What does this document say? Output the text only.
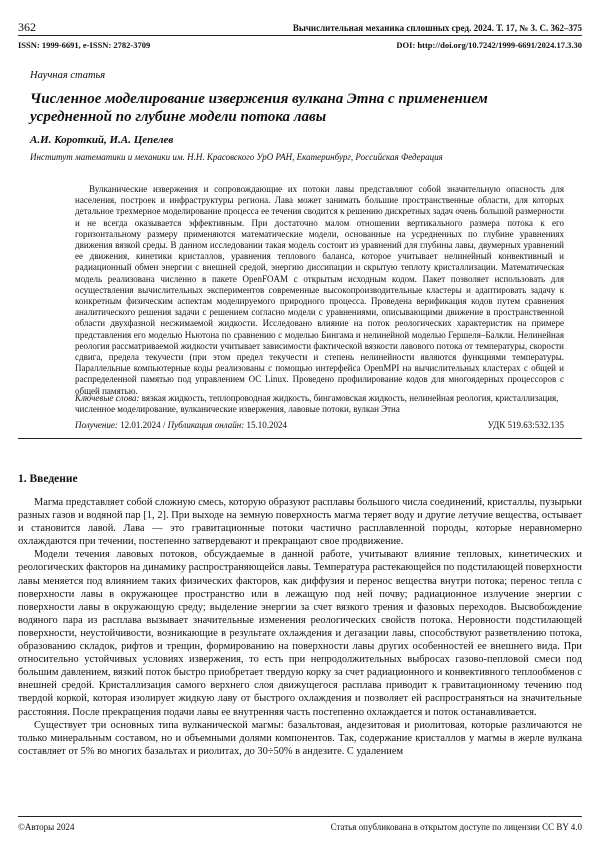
362	Вычислительная механика сплошных сред. 2024. Т. 17, № 3. С. 362–375
ISSN: 1999-6691, e-ISSN: 2782-3709	DOI: http://doi.org/10.7242/1999-6691/2024.17.3.30
Научная статья
Численное моделирование извержения вулкана Этна с применением усредненной по глубине модели потока лавы
А.И. Короткий, И.А. Цепелев
Институт математики и механики им. Н.Н. Красовского УрО РАН, Екатеринбург, Российская Федерация

Вулканические извержения и сопровождающие их потоки лавы представляют собой значительную опасность для населения, построек и инфраструктуры региона. Лава может занимать большие пространственные области, для которых детальное трехмерное моделирование процесса ее течения сводится к решению дискретных задач очень большой размерности и не всегда оказывается эффективным. При достаточно малом отношении вертикального размера потока к его горизонтальному размеру применяются математические модели, основанные на усредненных по глубине уравнениях движения вязкой среды. В данном исследовании такая модель состоит из уравнений для глубины лавы, двумерных уравнений ее движения, кинетики кристаллов, уравнения теплового баланса, которое учитывает нелинейный конвективный и радиационный обмен энергии с внешней средой, энергию диссипации и скрытую теплоту кристаллизации. Математическая модель реализована численно в пакете OpenFOAM с открытым исходным кодом. Пакет позволяет использовать для осуществления вычислительных экспериментов современные высокопроизводительные кластеры и адаптировать задачу к конкретным физическим аспектам моделируемого природного процесса. Проведена верификация кодов путем сравнения аналитического решения задачи с решением согласно модели с уравнениями, описывающими движение в пространственной области двухфазной несжимаемой жидкости. Исследовано влияние на поток реологических характеристик на примере представления его моделью Ньютона по сравнению с моделью Бингама и нелинейной моделью Гершеля–Балкли. Нелинейная реология рассматриваемой жидкости учитывает зависимости фактической вязкости лавового потока от температуры, скорости сдвига, предела текучести (при этом предел текучести и степень нелинейности являются функциями температуры. Параллельные компьютерные коды реализованы с помощью интерфейса OpenMPI на вычислительных кластерах с общей и распределенной памятью под управлением ОС Linux. Проведено профилирование кодов для многоядерных процессоров с общей памятью.

Ключевые слова: вязкая жидкость, теплопроводная жидкость, бингамовская жидкость, нелинейная реология, кристаллизация, численное моделирование, вулканические извержения, лавовые потоки, вулкан Этна

Получение: 12.01.2024 / Публикация онлайн: 15.10.2024	УДК 519.63:532.135
1. Введение

Магма представляет собой сложную смесь, которую образуют расплавы большого числа соединений, кристаллы, пузырьки разных газов и водяной пар [1, 2]. При выходе на земную поверхность магма теряет воду и другие летучие вещества, остывает и становится лавой. Лава — это гравитационные потоки частично расплавленной породы, которые неравномерно охлаждаются при течении, постепенно затвердевают и прекращают свое продвижение.

Модели течения лавовых потоков, обсуждаемые в данной работе, учитывают влияние тепловых, кинетических и реологических факторов на динамику распространяющейся лавы. Температура растекающейся по подстилающей поверхности лавы меняется под влиянием таких физических факторов, как диффузия и перенос вещества внутри потока; перенос тепла с поверхности лавы в окружающее пространство или в лежащую под ней почву; радиационное излучение энергии с поверхности лавы в окружающую среду; выделение энергии за счет вязкого трения и фазовых переходов. Высвобождение водяного пара из расплава вызывает значительные изменения реологических свойств потока. Неровности подстилающей поверхности, неустойчивости, возникающие в результате охлаждения и дегазации лавы, способствуют разветвлению потока, образованию складок, рифтов и трещин, формированию на поверхности лавы других особенностей ее внешнего вида. При относительно устойчивых условиях извержения, то есть при непродолжительных выбросах газово-пепловой смеси под большим давлением, вязкий поток быстро приобретает твердую корку за счет радиационного и конвективного теплообменов с внешней средой. Кристаллизация самого верхнего слоя движущегося расплава приводит к гравитационному течению под твердой коркой, которая изолирует жидкую лаву от быстрого охлаждения и позволяет ей распространяться на значительные расстояния. После прекращения подачи лавы ее внутренняя часть постепенно охлаждается и поток останавливается.

Существует три основных типа вулканической магмы: базальтовая, андезитовая и риолитовая, которые различаются не только минеральным составом, но и объемными долями компонентов. Так, содержание кристаллов у магмы в жерле вулкана составляет от 5% во многих базальтах и риолитах, до 30÷50% в андезите. С удалением

©Авторы 2024	Статья опубликована в открытом доступе по лицензии CC BY 4.0
